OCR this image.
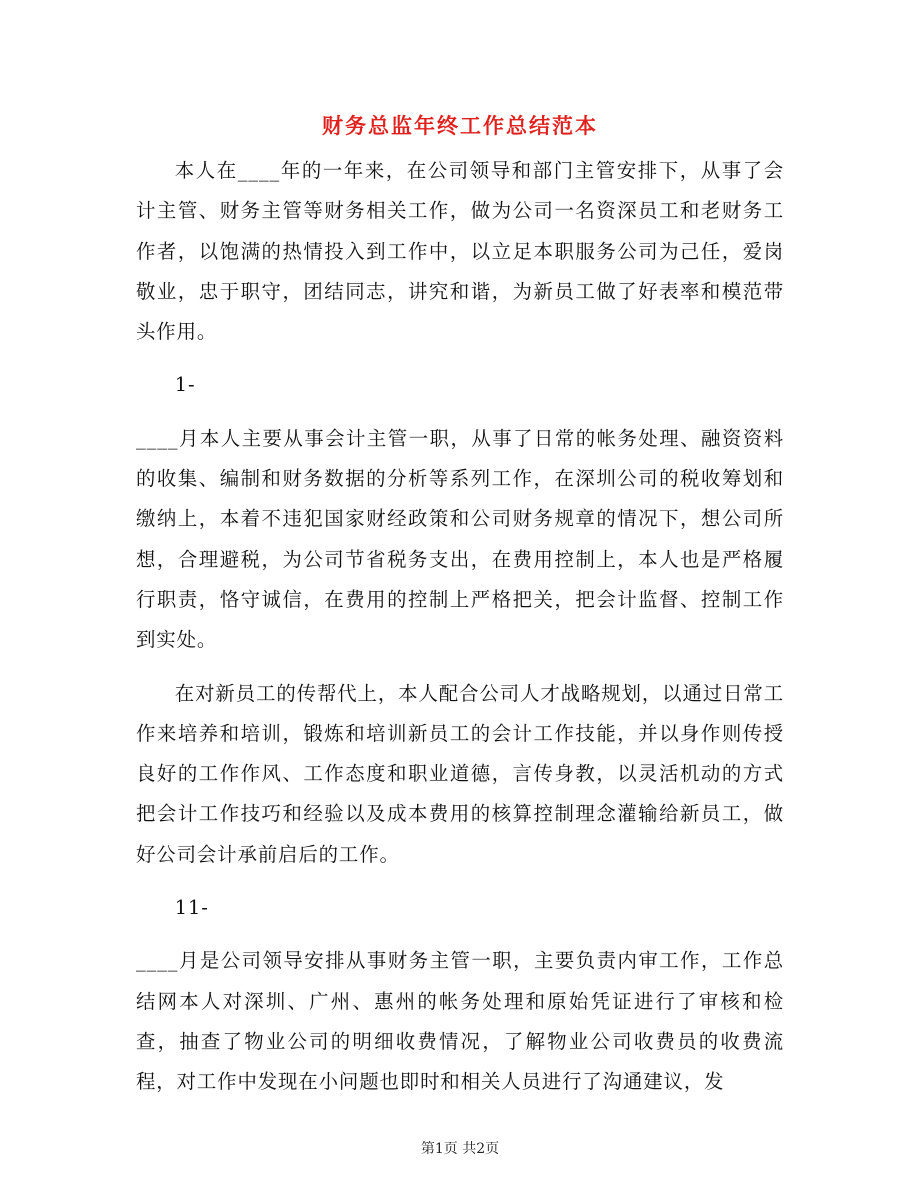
财务总监年终工作总结范本

本人在____年的一年来，在公司领导和部门主管安排下，从事了会计主管、财务主管等财务相关工作，做为公司一名资深员工和老财务工作者，以饱满的热情投入到工作中，以立足本职服务公司为己任，爱岗敬业，忠于职守，团结同志，讲究和谐，为新员工做了好表率和模范带头作用。

1-

____月本人主要从事会计主管一职，从事了日常的帐务处理、融资资料的收集、编制和财务数据的分析等系列工作，在深圳公司的税收筹划和缴纳上，本着不违犯国家财经政策和公司财务规章的情况下，想公司所想，合理避税，为公司节省税务支出，在费用控制上，本人也是严格履行职责，恪守诚信，在费用的控制上严格把关，把会计监督、控制工作到实处。

在对新员工的传帮代上，本人配合公司人才战略规划，以通过日常工作来培养和培训，锻炼和培训新员工的会计工作技能，并以身作则传授良好的工作作风、工作态度和职业道德，言传身教，以灵活机动的方式把会计工作技巧和经验以及成本费用的核算控制理念灌输给新员工，做好公司会计承前启后的工作。

11-

____月是公司领导安排从事财务主管一职，主要负责内审工作，工作总结网本人对深圳、广州、惠州的帐务处理和原始凭证进行了审核和检查，抽查了物业公司的明细收费情况，了解物业公司收费员的收费流程，对工作中发现在小问题也即时和相关人员进行了沟通建议，发

第1页 共2页
